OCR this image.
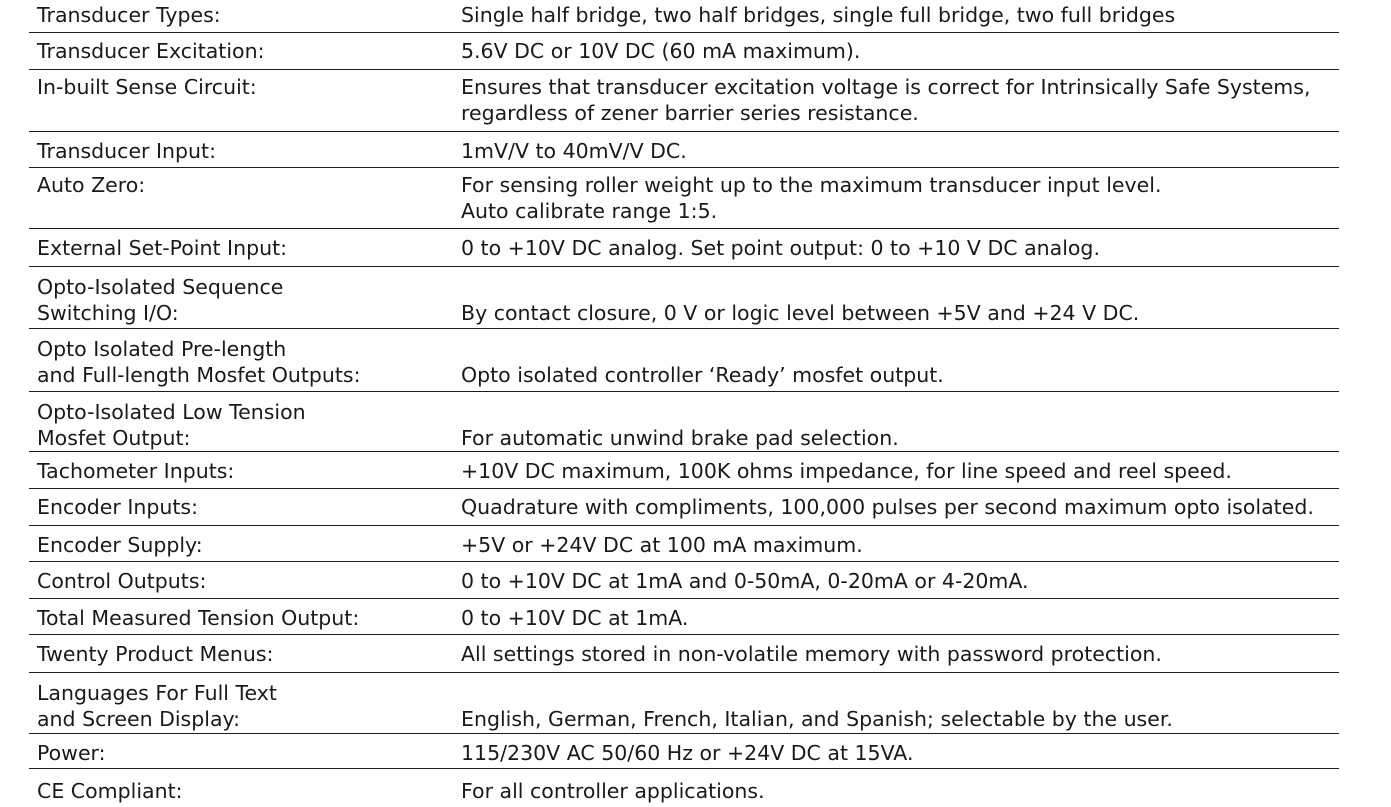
Transducer Types:	Single half bridge, two half bridges, single full bridge, two full bridges
Transducer Excitation:	5.6V DC or 10V DC (60 mA maximum).
In-built Sense Circuit:	Ensures that transducer excitation voltage is correct for Intrinsically Safe Systems,
regardless of zener barrier series resistance.
Transducer Input:	1mV/V to 40mV/V DC.
Auto Zero:	For sensing roller weight up to the maximum transducer input level.
Auto calibrate range 1:5.
External Set-Point Input:	0 to +10V DC analog. Set point output: 0 to +10 V DC analog.
Opto-Isolated Sequence
Switching I/O:	By contact closure, 0 V or logic level between +5V and +24 V DC.
Opto Isolated Pre-length
and Full-length Mosfet Outputs:	Opto isolated controller ‘Ready’ mosfet output.
Opto-Isolated Low Tension
Mosfet Output:	For automatic unwind brake pad selection.
Tachometer Inputs:	+10V DC maximum, 100K ohms impedance, for line speed and reel speed.
Encoder Inputs:	Quadrature with compliments, 100,000 pulses per second maximum opto isolated.
Encoder Supply:	+5V or +24V DC at 100 mA maximum.
Control Outputs:	0 to +10V DC at 1mA and 0-50mA, 0-20mA or 4-20mA.
Total Measured Tension Output:	0 to +10V DC at 1mA.
Twenty Product Menus:	All settings stored in non-volatile memory with password protection.
Languages For Full Text
and Screen Display:	English, German, French, Italian, and Spanish; selectable by the user.
Power:	115/230V AC 50/60 Hz or +24V DC at 15VA.
CE Compliant:	For all controller applications.
